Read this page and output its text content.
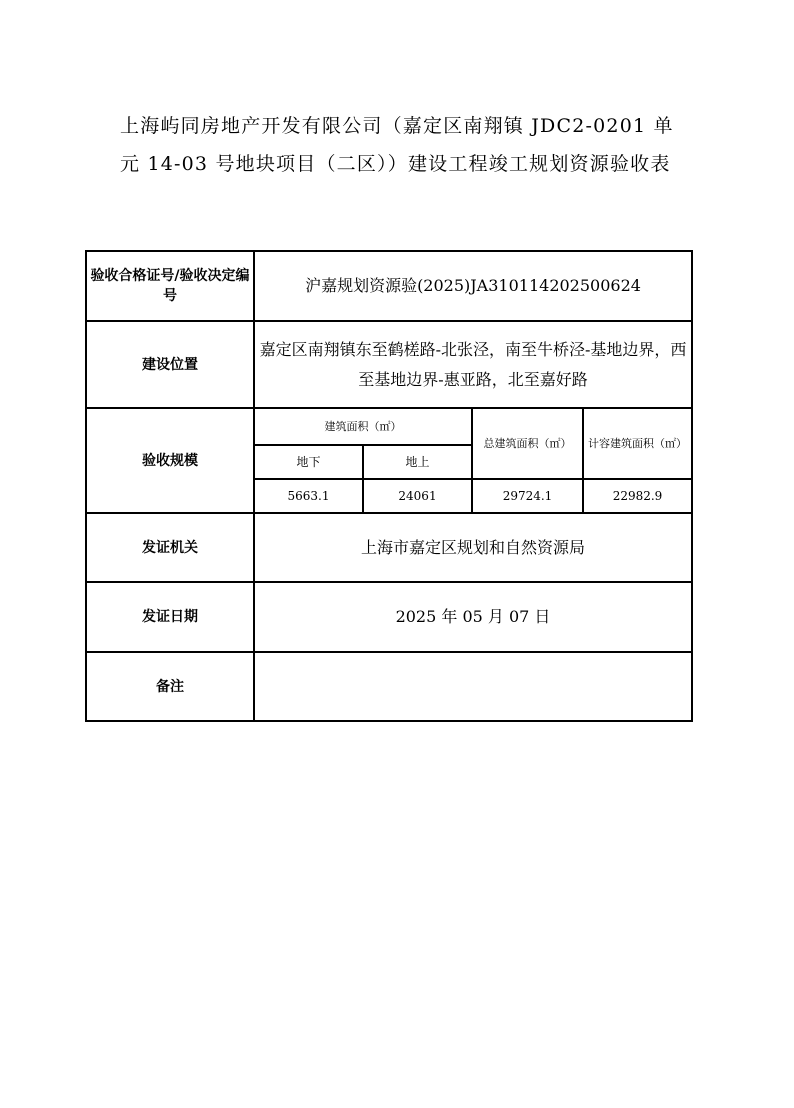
上海屿同房地产开发有限公司（嘉定区南翔镇 JDC2-0201 单元 14-03 号地块项目（二区））建设工程竣工规划资源验收表
验收合格证号/验收决定编号	沪嘉规划资源验(2025)JA310114202500624			
建设位置	嘉定区南翔镇东至鹤槎路-北张泾，南至牛桥泾-基地边界，西至基地边界-惠亚路，北至嘉好路			
验收规模	建筑面积（㎡）		总建筑面积（㎡）	计容建筑面积（㎡）
	地下	地上		
	5663.1	24061	29724.1	22982.9
发证机关	上海市嘉定区规划和自然资源局			
发证日期	2025 年 05 月 07 日			
备注				
